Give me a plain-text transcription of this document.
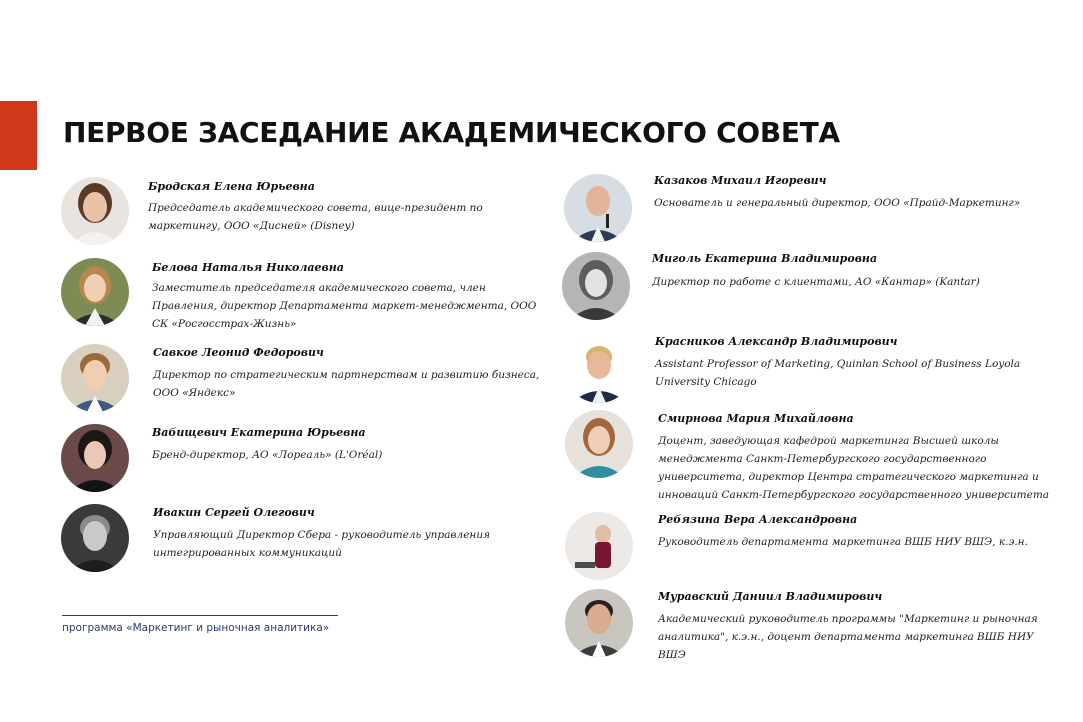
ПЕРВОЕ ЗАСЕДАНИЕ АКАДЕМИЧЕСКОГО СОВЕТА
Бродская Елена Юрьевна
Председатель академического совета, вице-президент по маркетингу, ООО «Дисней» (Disney)
Белова Наталья Николаевна
Заместитель председателя академического совета, член Правления, директор Департамента маркет-менеджмента, ООО СК «Росгосстрах-Жизнь»
Савкое Леонид Федорович
Директор по стратегическим партнерствам и развитию бизнеса, ООО «Яндекс»
Вабищевич Екатерина Юрьевна
Бренд-директор, АО «Лореаль» (L'Oréal)
Ивакин Сергей Олегович
Управляющий Директор Сбера - руководитель управления интегрированных коммуникаций
Казаков Михаил Игоревич
Основатель и генеральный директор, ООО «Прайд-Маркетинг»
Миголь Екатерина Владимировна
Директор по работе с клиентами, АО «Кантар» (Kantar)
Красников Александр Владимирович
Assistant Professor of Marketing, Quinlan School of Business Loyola University Chicago
Смирнова Мария Михайловна
Доцент, заведующая кафедрой маркетинга Высшей школы менеджмента Санкт-Петербургского государственного университета, директор Центра стратегического маркетинга и инноваций Санкт-Петербургского государственного университета
Ребязина Вера Александровна
Руководитель департамента маркетинга ВШБ НИУ ВШЭ, к.э.н.
Муравский Даниил Владимирович
Академический руководитель программы "Маркетинг и рыночная аналитика", к.э.н., доцент департамента маркетинга ВШБ НИУ ВШЭ
программа «Маркетинг и рыночная аналитика»
